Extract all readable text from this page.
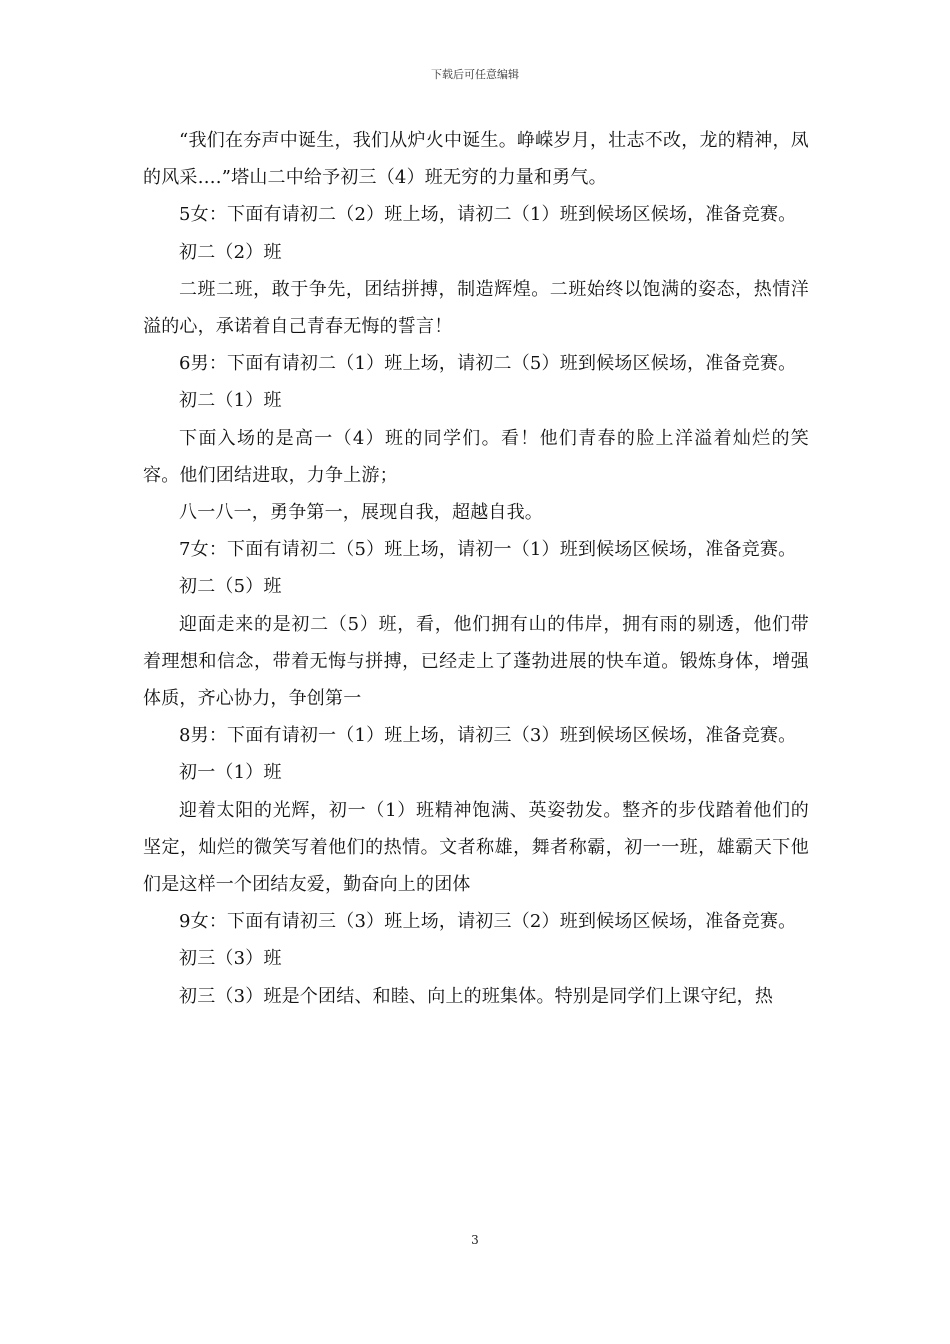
下载后可任意编辑

“我们在夯声中诞生，我们从炉火中诞生。峥嵘岁月，壮志不改，龙的精神，凤的风采….”塔山二中给予初三（4）班无穷的力量和勇气。

5女：下面有请初二（2）班上场，请初二（1）班到候场区候场，准备竞赛。

初二（2）班

二班二班，敢于争先，团结拼搏，制造辉煌。二班始终以饱满的姿态，热情洋溢的心，承诺着自己青春无悔的誓言！

6男：下面有请初二（1）班上场，请初二（5）班到候场区候场，准备竞赛。

初二（1）班

下面入场的是高一（4）班的同学们。看！他们青春的脸上洋溢着灿烂的笑容。他们团结进取，力争上游；

八一八一，勇争第一，展现自我，超越自我。

7女：下面有请初二（5）班上场，请初一（1）班到候场区候场，准备竞赛。

初二（5）班

迎面走来的是初二（5）班，看，他们拥有山的伟岸，拥有雨的剔透，他们带着理想和信念，带着无悔与拼搏，已经走上了蓬勃进展的快车道。锻炼身体，增强体质，齐心协力，争创第一

8男：下面有请初一（1）班上场，请初三（3）班到候场区候场，准备竞赛。

初一（1）班

迎着太阳的光辉，初一（1）班精神饱满、英姿勃发。整齐的步伐踏着他们的坚定，灿烂的微笑写着他们的热情。文者称雄，舞者称霸，初一一班，雄霸天下他们是这样一个团结友爱，勤奋向上的团体

9女：下面有请初三（3）班上场，请初三（2）班到候场区候场，准备竞赛。

初三（3）班

初三（3）班是个团结、和睦、向上的班集体。特别是同学们上课守纪，热

3
